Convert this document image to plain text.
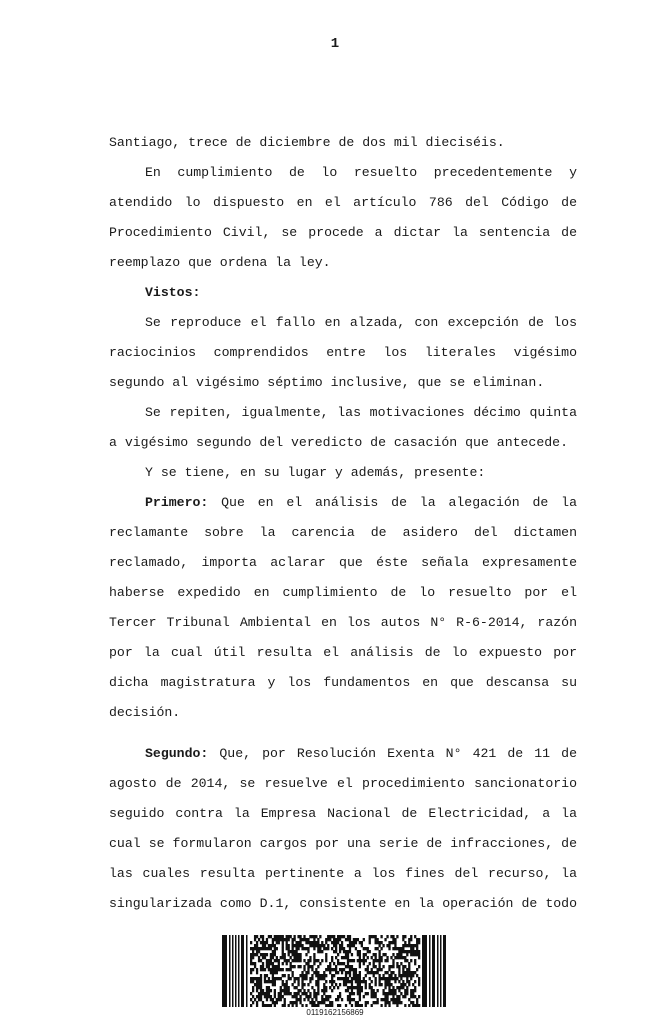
1
Santiago, trece de diciembre de dos mil dieciséis.
En cumplimiento de lo resuelto precedentemente y
atendido lo dispuesto en el artículo 786 del Código de
Procedimiento Civil, se procede a dictar la sentencia de
reemplazo que ordena la ley.
Vistos:
Se reproduce el fallo en alzada, con excepción de los
raciocinios comprendidos entre los literales vigésimo
segundo al vigésimo séptimo inclusive, que se eliminan.
Se repiten, igualmente, las motivaciones décimo quinta
a vigésimo segundo del veredicto de casación que antecede.
Y se tiene, en su lugar y además, presente:
Primero: Que en el análisis de la alegación de la
reclamante sobre la carencia de asidero del dictamen
reclamado, importa aclarar que éste señala expresamente
haberse expedido en cumplimiento de lo resuelto por el
Tercer Tribunal Ambiental en los autos N° R-6-2014, razón
por la cual útil resulta el análisis de lo expuesto por
dicha magistratura y los fundamentos en que descansa su
decisión.
Segundo: Que, por Resolución Exenta N° 421 de 11 de
agosto de 2014, se resuelve el procedimiento sancionatorio
seguido contra la Empresa Nacional de Electricidad, a la
cual se formularon cargos por una serie de infracciones, de
las cuales resulta pertinente a los fines del recurso, la
singularizada como D.1, consistente en la operación de todo
0119162156869
